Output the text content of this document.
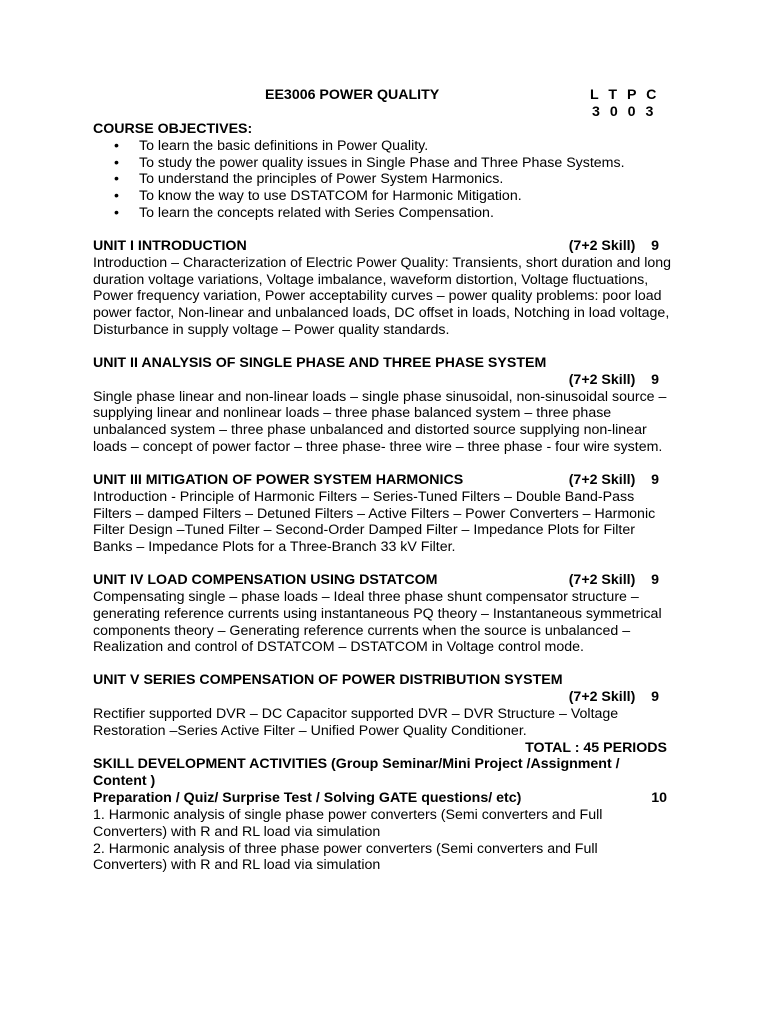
EE3006 POWER QUALITY	L T P C
3 0 0 3
COURSE OBJECTIVES:
• To learn the basic definitions in Power Quality.
• To study the power quality issues in Single Phase and Three Phase Systems.
• To understand the principles of Power System Harmonics.
• To know the way to use DSTATCOM for Harmonic Mitigation.
• To learn the concepts related with Series Compensation.
UNIT I INTRODUCTION	(7+2 Skill)    9

Introduction – Characterization of Electric Power Quality: Transients, short duration and long duration voltage variations, Voltage imbalance, waveform distortion, Voltage fluctuations, Power frequency variation, Power acceptability curves – power quality problems: poor load power factor, Non-linear and unbalanced loads, DC offset in loads, Notching in load voltage, Disturbance in supply voltage – Power quality standards.

UNIT II ANALYSIS OF SINGLE PHASE AND THREE PHASE SYSTEM
(7+2 Skill)    9

Single phase linear and non-linear loads – single phase sinusoidal, non-sinusoidal source – supplying linear and nonlinear loads – three phase balanced system – three phase unbalanced system – three phase unbalanced and distorted source supplying non-linear loads – concept of power factor – three phase- three wire – three phase - four wire system.

UNIT III MITIGATION OF POWER SYSTEM HARMONICS	(7+2 Skill)    9

Introduction - Principle of Harmonic Filters – Series-Tuned Filters – Double Band-Pass Filters – damped Filters – Detuned Filters – Active Filters – Power Converters – Harmonic Filter Design –Tuned Filter – Second-Order Damped Filter – Impedance Plots for Filter Banks – Impedance Plots for a Three-Branch 33 kV Filter.

UNIT IV LOAD COMPENSATION USING DSTATCOM	(7+2 Skill)    9

Compensating single – phase loads – Ideal three phase shunt compensator structure – generating reference currents using instantaneous PQ theory – Instantaneous symmetrical components theory – Generating reference currents when the source is unbalanced –Realization and control of DSTATCOM – DSTATCOM in Voltage control mode.

UNIT V SERIES COMPENSATION OF POWER DISTRIBUTION SYSTEM
(7+2 Skill)    9

Rectifier supported DVR – DC Capacitor supported DVR – DVR Structure – Voltage Restoration –Series Active Filter – Unified Power Quality Conditioner.

TOTAL : 45 PERIODS
SKILL DEVELOPMENT ACTIVITIES (Group Seminar/Mini Project /Assignment / Content )
Preparation / Quiz/ Surprise Test / Solving GATE questions/ etc)	10
1. Harmonic analysis of single phase power converters (Semi converters and Full Converters) with R and RL load via simulation
2. Harmonic analysis of three phase power converters (Semi converters and Full Converters) with R and RL load via simulation
